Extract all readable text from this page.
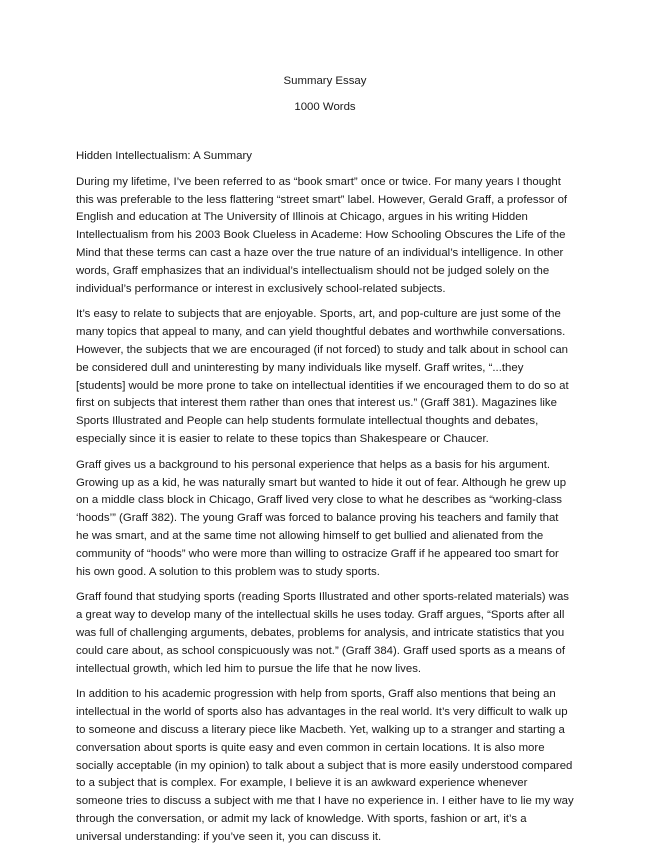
Summary Essay
1000 Words

Hidden Intellectualism: A Summary

During my lifetime, I’ve been referred to as “book smart” once or twice. For many years I thought this was preferable to the less flattering “street smart” label. However, Gerald Graff, a professor of English and education at The University of Illinois at Chicago, argues in his writing Hidden Intellectualism from his 2003 Book Clueless in Academe: How Schooling Obscures the Life of the Mind that these terms can cast a haze over the true nature of an individual’s intelligence. In other words, Graff emphasizes that an individual’s intellectualism should not be judged solely on the individual’s performance or interest in exclusively school-related subjects.

It’s easy to relate to subjects that are enjoyable. Sports, art, and pop-culture are just some of the many topics that appeal to many, and can yield thoughtful debates and worthwhile conversations. However, the subjects that we are encouraged (if not forced) to study and talk about in school can be considered dull and uninteresting by many individuals like myself. Graff writes, “...they [students] would be more prone to take on intellectual identities if we encouraged them to do so at first on subjects that interest them rather than ones that interest us.” (Graff 381). Magazines like Sports Illustrated and People can help students formulate intellectual thoughts and debates, especially since it is easier to relate to these topics than Shakespeare or Chaucer.

Graff gives us a background to his personal experience that helps as a basis for his argument. Growing up as a kid, he was naturally smart but wanted to hide it out of fear. Although he grew up on a middle class block in Chicago, Graff lived very close to what he describes as “working-class ‘hoods’” (Graff 382). The young Graff was forced to balance proving his teachers and family that he was smart, and at the same time not allowing himself to get bullied and alienated from the community of “hoods” who were more than willing to ostracize Graff if he appeared too smart for his own good. A solution to this problem was to study sports.

Graff found that studying sports (reading Sports Illustrated and other sports-related materials) was a great way to develop many of the intellectual skills he uses today. Graff argues, “Sports after all was full of challenging arguments, debates, problems for analysis, and intricate statistics that you could care about, as school conspicuously was not.” (Graff 384). Graff used sports as a means of intellectual growth, which led him to pursue the life that he now lives.

In addition to his academic progression with help from sports, Graff also mentions that being an intellectual in the world of sports also has advantages in the real world. It’s very difficult to walk up to someone and discuss a literary piece like Macbeth. Yet, walking up to a stranger and starting a conversation about sports is quite easy and even common in certain locations. It is also more socially acceptable (in my opinion) to talk about a subject that is more easily understood compared to a subject that is complex. For example, I believe it is an awkward experience whenever someone tries to discuss a subject with me that I have no experience in. I either have to lie my way through the conversation, or admit my lack of knowledge. With sports, fashion or art, it’s a universal understanding: if you’ve seen it, you can discuss it.
